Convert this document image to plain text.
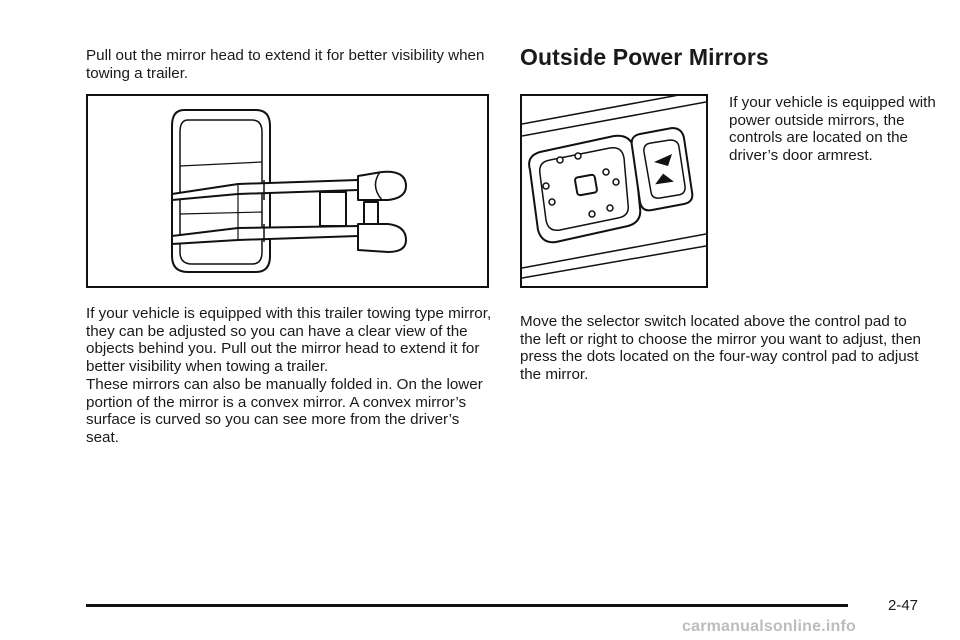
Pull out the mirror head to extend it for better visibility when towing a trailer.

If your vehicle is equipped with this trailer towing type mirror, they can be adjusted so you can have a clear view of the objects behind you. Pull out the mirror head to extend it for better visibility when towing a trailer.

These mirrors can also be manually folded in. On the lower portion of the mirror is a convex mirror. A convex mirror’s surface is curved so you can see more from the driver’s seat.

Outside Power Mirrors

If your vehicle is equipped with power outside mirrors, the controls are located on the driver’s door armrest.

Move the selector switch located above the control pad to the left or right to choose the mirror you want to adjust, then press the dots located on the four-way control pad to adjust the mirror.

2-47
carmanualsonline.info
